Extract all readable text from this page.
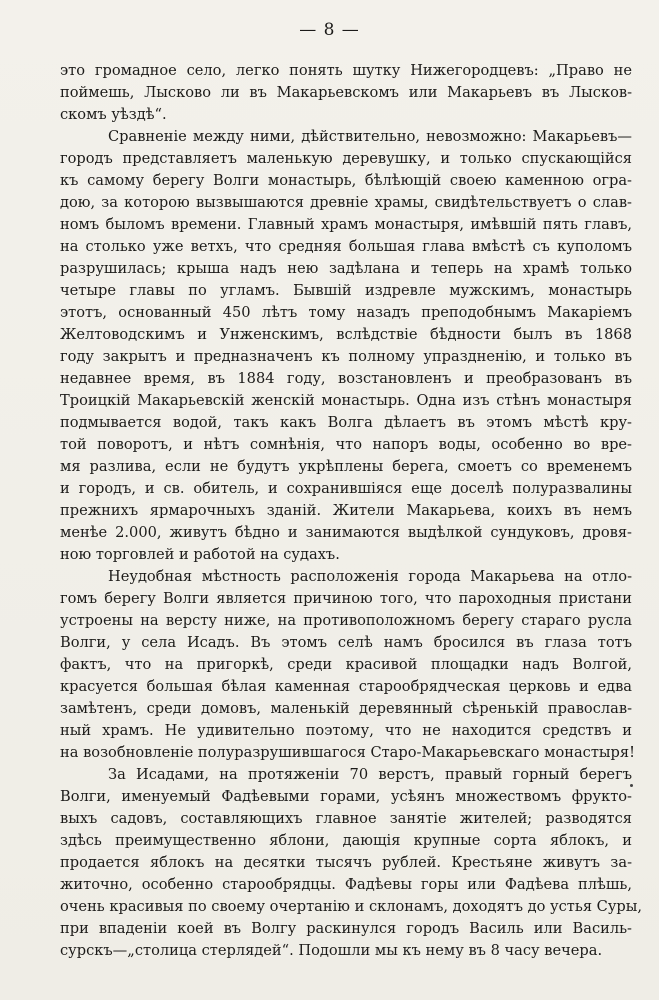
— 8 —
это громадное село, легко понять шутку Нижегородцевъ: „Право не
поймешь, Лысково ли въ Макарьевскомъ или Макарьевъ въ Лысков-
скомъ уѣздѣ“.
Сравненіе между ними, дѣйствительно, невозможно: Макарьевъ—
городъ представляетъ маленькую деревушку, и только спускающійся
къ самому берегу Волги монастырь, бѣлѣющій своею каменною огра-
дою, за которою вызвышаются древніе храмы, свидѣтельствуетъ о слав-
номъ быломъ времени. Главный храмъ монастыря, имѣвшій пять главъ,
на столько уже ветхъ, что средняя большая глава вмѣстѣ съ куполомъ
разрушилась; крыша надъ нею задѣлана и теперь на храмѣ только
четыре главы по угламъ. Бывшій издревле мужскимъ, монастырь
этотъ, основанный 450 лѣтъ тому назадъ преподобнымъ Макаріемъ
Желтоводскимъ и Унженскимъ, вслѣдствіе бѣдности былъ въ 1868
году закрытъ и предназначенъ къ полному упраздненію, и только въ
недавнее время, въ 1884 году, возстановленъ и преобразованъ въ
Троицкій Макарьевскій женскій монастырь. Одна изъ стѣнъ монастыря
подмывается водой, такъ какъ Волга дѣлаетъ въ этомъ мѣстѣ кру-
той поворотъ, и нѣтъ сомнѣнія, что напоръ воды, особенно во вре-
мя разлива, если не будутъ укрѣплены берега, смоетъ со временемъ
и городъ, и св. обитель, и сохранившіяся еще доселѣ полуразвалины
прежнихъ ярмарочныхъ зданій. Жители Макарьева, коихъ въ немъ
менѣе 2.000, живутъ бѣдно и занимаются выдѣлкой сундуковъ, дровя-
ною торговлей и работой на судахъ.
Неудобная мѣстность расположенія города Макарьева на отло-
гомъ берегу Волги является причиною того, что пароходныя пристани
устроены на версту ниже, на противоположномъ берегу стараго русла
Волги, у села Исадъ. Въ этомъ селѣ намъ бросился въ глаза тотъ
фактъ, что на пригоркѣ, среди красивой площадки надъ Волгой,
красуется большая бѣлая каменная старообрядческая церковь и едва
замѣтенъ, среди домовъ, маленькій деревянный сѣренькій православ-
ный храмъ. Не удивительно поэтому, что не находится средствъ и
на возобновленіе полуразрушившагося Старо-Макарьевскаго монастыря!
За Исадами, на протяженіи 70 верстъ, правый горный берегъ
Волги, именуемый Фадѣевыми горами, усѣянъ множествомъ фрукто-
выхъ садовъ, составляющихъ главное занятіе жителей; разводятся
здѣсь преимущественно яблони, дающія крупные сорта яблокъ, и
продается яблокъ на десятки тысячъ рублей. Крестьяне живутъ за-
житочно, особенно старообрядцы. Фадѣевы горы или Фадѣева плѣшь,
очень красивыя по своему очертанію и склонамъ, доходятъ до устья Суры,
при впаденіи коей въ Волгу раскинулся городъ Василь или Василь-
сурскъ—„столица стерлядей“. Подошли мы къ нему въ 8 часу вечера.
